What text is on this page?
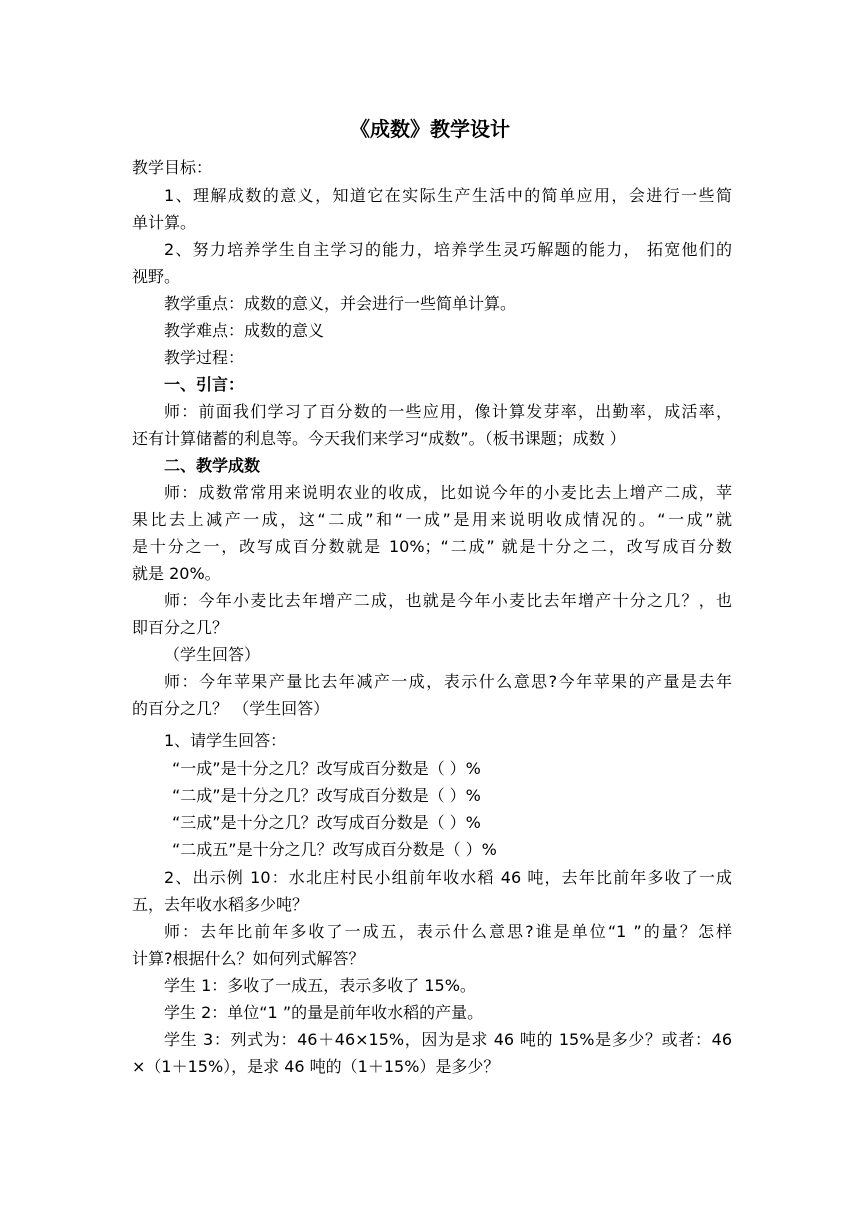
《成数》教学设计
教学目标：
1、理解成数的意义，知道它在实际生产生活中的简单应用，会进行一些简
单计算。
2、努力培养学生自主学习的能力，培养学生灵巧解题的能力， 拓宽他们的
视野。
教学重点：成数的意义，并会进行一些简单计算。
教学难点：成数的意义
教学过程：
一、引言：
师：前面我们学习了百分数的一些应用，像计算发芽率，出勤率，成活率，
还有计算储蓄的利息等。今天我们来学习“成数”。（板书课题；成数 ）
二、教学成数
师：成数常常用来说明农业的收成，比如说今年的小麦比去上增产二成，苹
果比去上减产一成，这“二成”和“一成”是用来说明收成情况的。“一成”就
是十分之一，改写成百分数就是 10%；“二成” 就是十分之二，改写成百分数
就是 20%。
师：今年小麦比去年增产二成，也就是今年小麦比去年增产十分之几？，也
即百分之几？
（学生回答）
师：今年苹果产量比去年减产一成，表示什么意思?今年苹果的产量是去年
的百分之几？ （学生回答）
1、请学生回答：
“一成”是十分之几？改写成百分数是（ ）%
“二成”是十分之几？改写成百分数是（ ）%
“三成”是十分之几？改写成百分数是（ ）%
“二成五”是十分之几？改写成百分数是（ ）%
2、出示例 10：水北庄村民小组前年收水稻 46 吨，去年比前年多收了一成
五，去年收水稻多少吨？
师：去年比前年多收了一成五，表示什么意思?谁是单位“1 ”的量？怎样
计算?根据什么？如何列式解答？
学生 1：多收了一成五，表示多收了 15%。
学生 2：单位“1 ”的量是前年收水稻的产量。
学生 3：列式为：46＋46×15%，因为是求 46 吨的 15%是多少？或者：46
×（1＋15%），是求 46 吨的（1＋15%）是多少？
